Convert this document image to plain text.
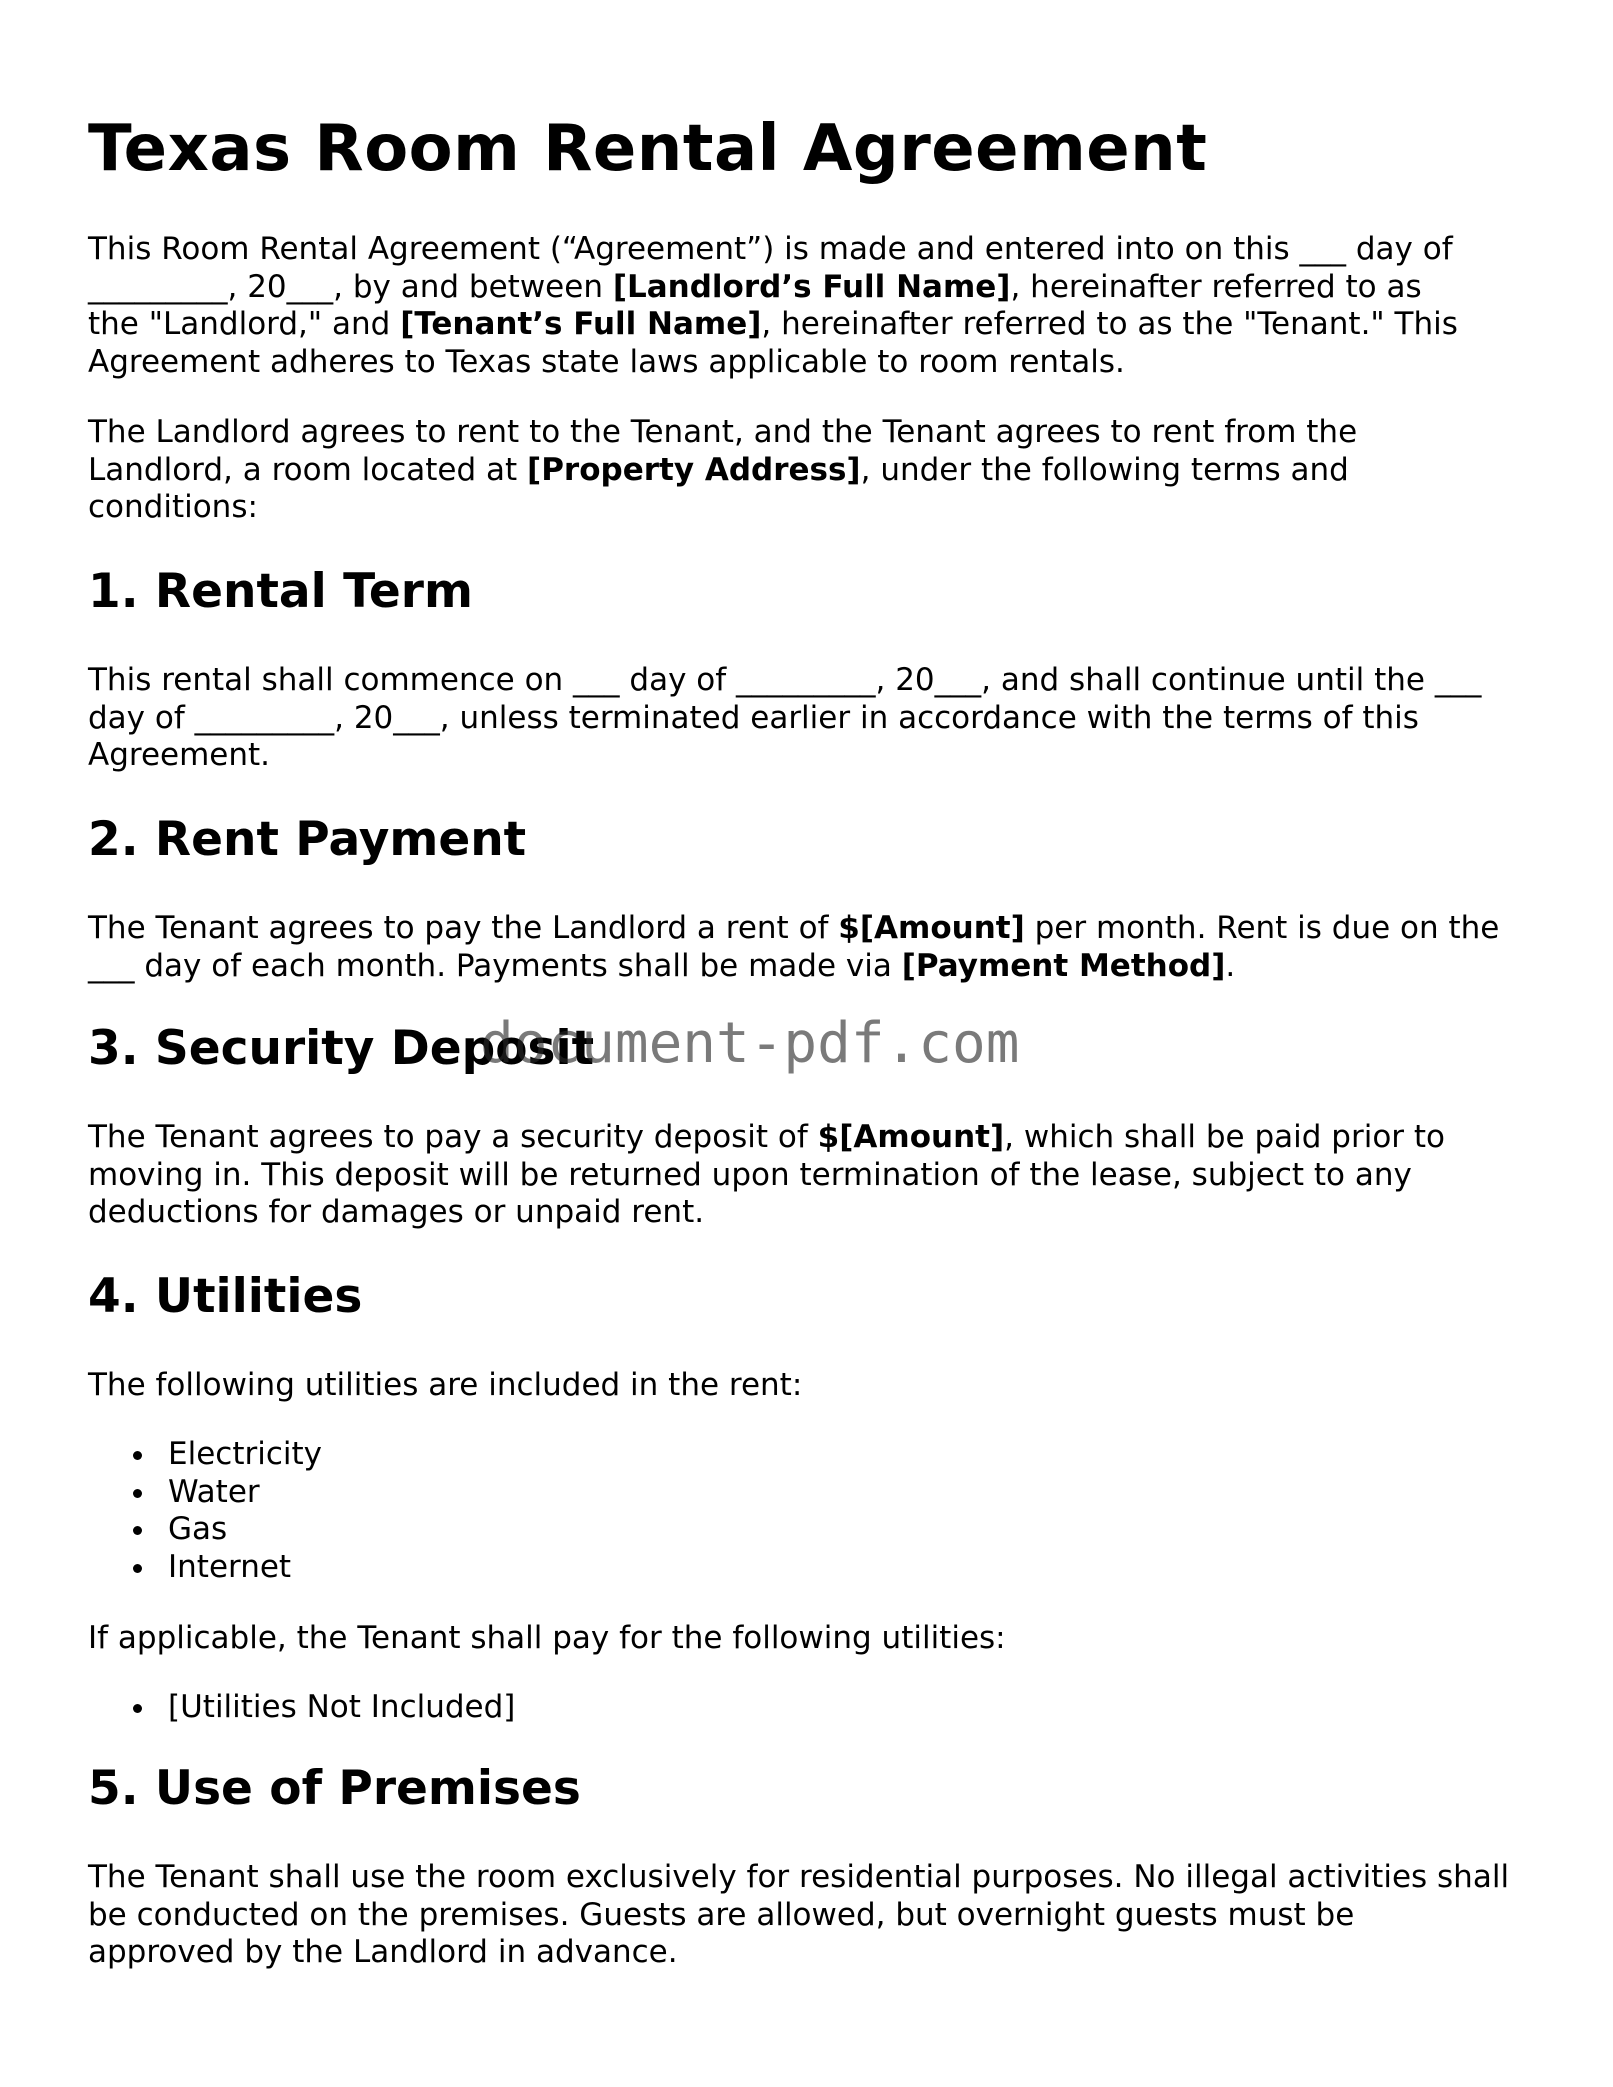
Texas Room Rental Agreement

This Room Rental Agreement (“Agreement”) is made and entered into on this ___ day of
_________, 20___, by and between [Landlord’s Full Name], hereinafter referred to as
the "Landlord," and [Tenant’s Full Name], hereinafter referred to as the "Tenant." This
Agreement adheres to Texas state laws applicable to room rentals.

The Landlord agrees to rent to the Tenant, and the Tenant agrees to rent from the
Landlord, a room located at [Property Address], under the following terms and
conditions:

1. Rental Term

This rental shall commence on ___ day of _________, 20___, and shall continue until the ___
day of _________, 20___, unless terminated earlier in accordance with the terms of this
Agreement.

2. Rent Payment

The Tenant agrees to pay the Landlord a rent of $[Amount] per month. Rent is due on the
___ day of each month. Payments shall be made via [Payment Method].

3. Security Deposit

The Tenant agrees to pay a security deposit of $[Amount], which shall be paid prior to
moving in. This deposit will be returned upon termination of the lease, subject to any
deductions for damages or unpaid rent.

4. Utilities

The following utilities are included in the rent:

Electricity
Water
Gas
Internet

If applicable, the Tenant shall pay for the following utilities:

[Utilities Not Included]
5. Use of Premises

The Tenant shall use the room exclusively for residential purposes. No illegal activities shall
be conducted on the premises. Guests are allowed, but overnight guests must be
approved by the Landlord in advance.

document-pdf.com
